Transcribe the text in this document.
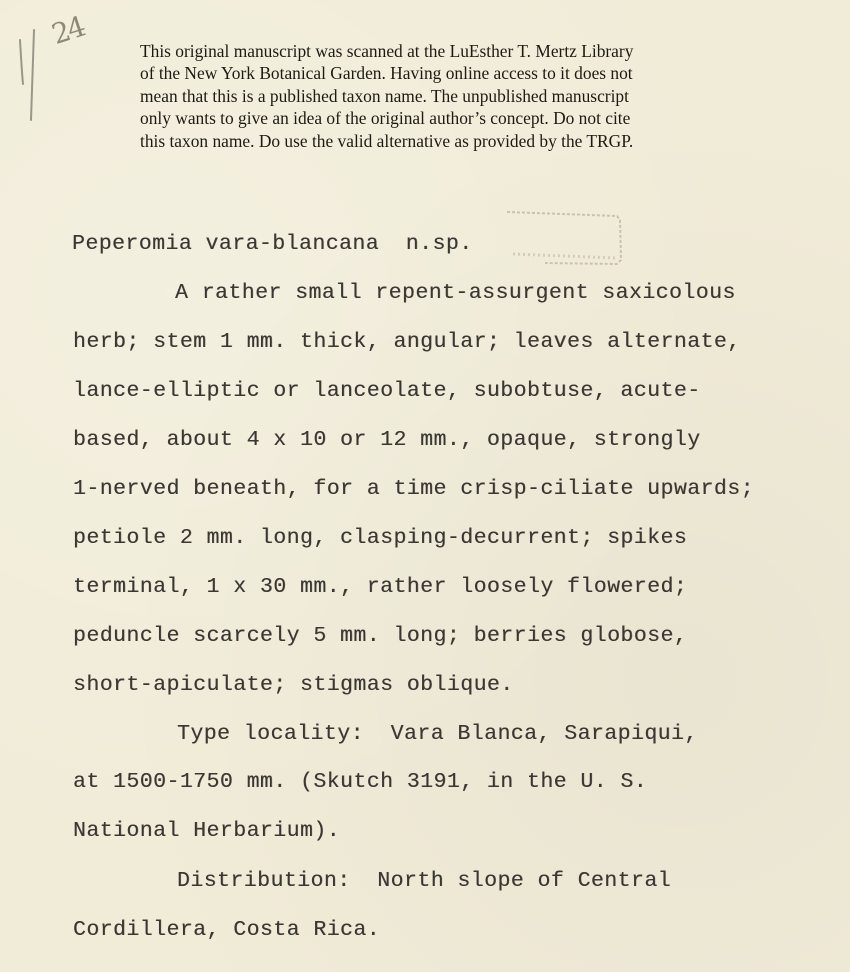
24	This original manuscript was scanned at the LuEsther T. Mertz Library
of the New York Botanical Garden. Having online access to it does not
mean that this is a published taxon name. The unpublished manuscript
only wants to give an idea of the original author’s concept. Do not cite
this taxon name. Do use the valid alternative as provided by the TRGP.

Peperomia vara-blancana  n.sp.

A rather small repent-assurgent saxicolous

herb; stem 1 mm. thick, angular; leaves alternate,

lance-elliptic or lanceolate, subobtuse, acute-

based, about 4 x 10 or 12 mm., opaque, strongly

1-nerved beneath, for a time crisp-ciliate upwards;

petiole 2 mm. long, clasping-decurrent; spikes

terminal, 1 x 30 mm., rather loosely flowered;

peduncle scarcely 5 mm. long; berries globose,

short-apiculate; stigmas oblique.

Type locality:  Vara Blanca, Sarapiqui,

at 1500-1750 mm. (Skutch 3191, in the U. S.

National Herbarium).

Distribution:  North slope of Central

Cordillera, Costa Rica.
